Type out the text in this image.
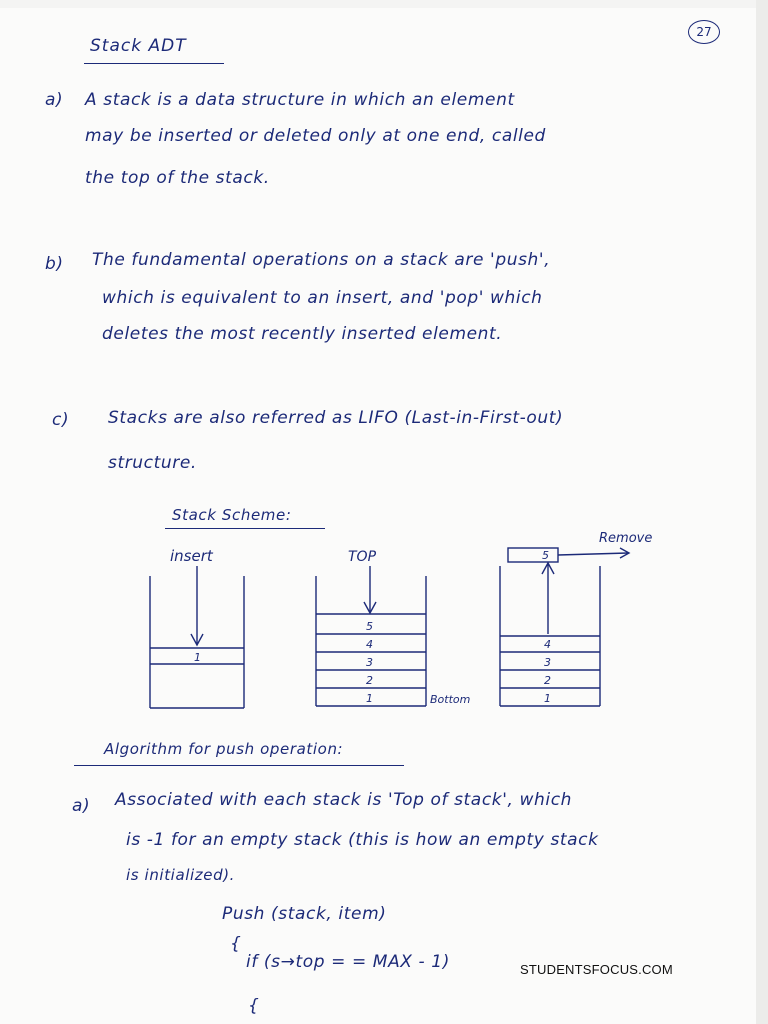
27
Stack ADT
a) A stack is a data structure in which an element
may be inserted or deleted only at one end, called
the top of the stack.
b) The fundamental operations on a stack are 'push',
which is equivalent to an insert, and 'pop' which
deletes the most recently inserted element.
c) Stacks are also referred as LIFO (Last-in-First-out)
structure.
Stack Scheme:
insert
1
TOP
5
4
3
2
1	Bottom
Remove
5
4
3
2
1
Algorithm for push operation:
a) Associated with each stack is 'Top of stack', which
is -1 for an empty stack (this is how an empty stack
is initialized).
Push (stack, item)
{
if (s→top = = MAX - 1)
{
STUDENTSFOCUS.COM
